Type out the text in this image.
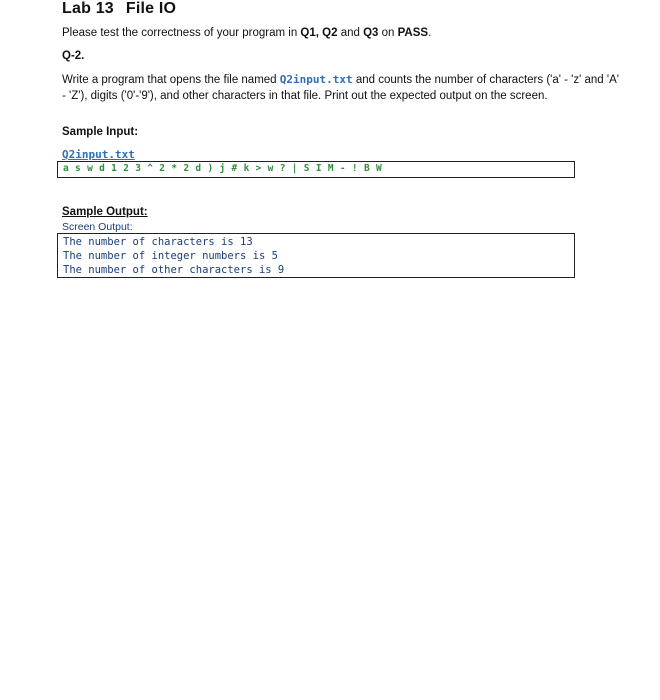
Lab 13 File IO
Please test the correctness of your program in Q1, Q2 and Q3 on PASS.
Q-2.
Write a program that opens the file named Q2input.txt and counts the number of characters ('a' - 'z' and 'A' - 'Z'), digits ('0'-'9'), and other characters in that file. Print out the expected output on the screen.
Sample Input:
Q2input.txt
a s w d 1 2 3 ^ 2 * 2 d ) j # k > w ? | S I M - ! B W
Sample Output:
Screen Output:
The number of characters is 13
The number of integer numbers is 5
The number of other characters is 9
